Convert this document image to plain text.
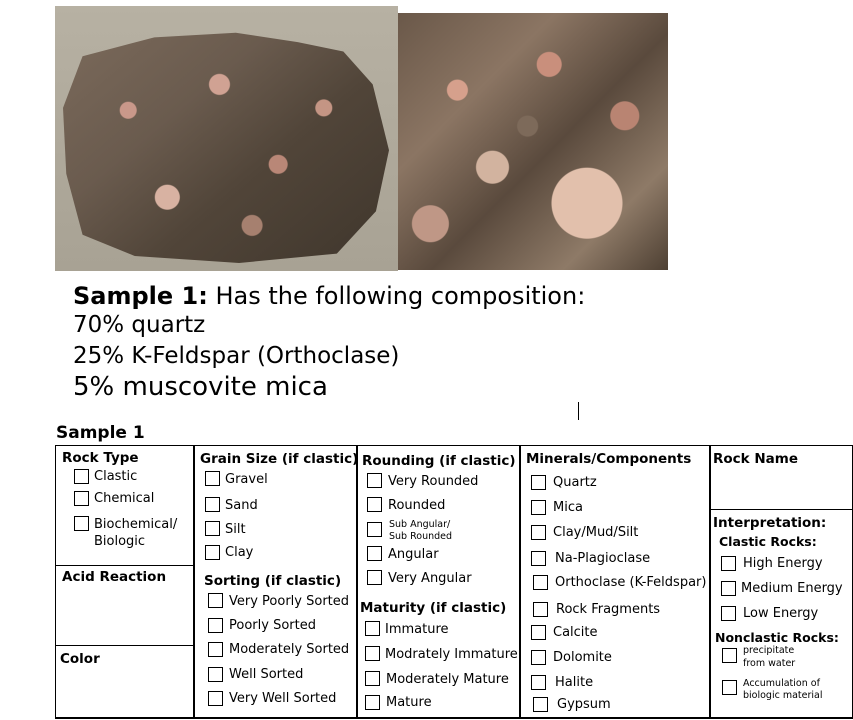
Sample 1: Has the following composition:
70% quartz
25% K-Feldspar (Orthoclase)
5% muscovite mica
Sample 1
Rock Type
Clastic
Chemical
Biochemical/
Biologic
Acid Reaction
Color
Grain Size (if clastic)
Gravel
Sand
Silt
Clay
Sorting (if clastic)
Very Poorly Sorted
Poorly Sorted
Moderately Sorted
Well Sorted
Very Well Sorted
Rounding (if clastic)
Very Rounded
Rounded
Sub Angular/
Sub Rounded
Angular
Very Angular
Maturity (if clastic)
Immature
Modrately Immature
Moderately Mature
Mature
Minerals/Components
Quartz
Mica
Clay/Mud/Silt
Na-Plagioclase
Orthoclase (K-Feldspar)
Rock Fragments
Calcite
Dolomite
Halite
Gypsum
Rock Name
Interpretation:
Clastic Rocks:
High Energy
Medium Energy
Low Energy
Nonclastic Rocks:
precipitate
from water
Accumulation of
biologic material
